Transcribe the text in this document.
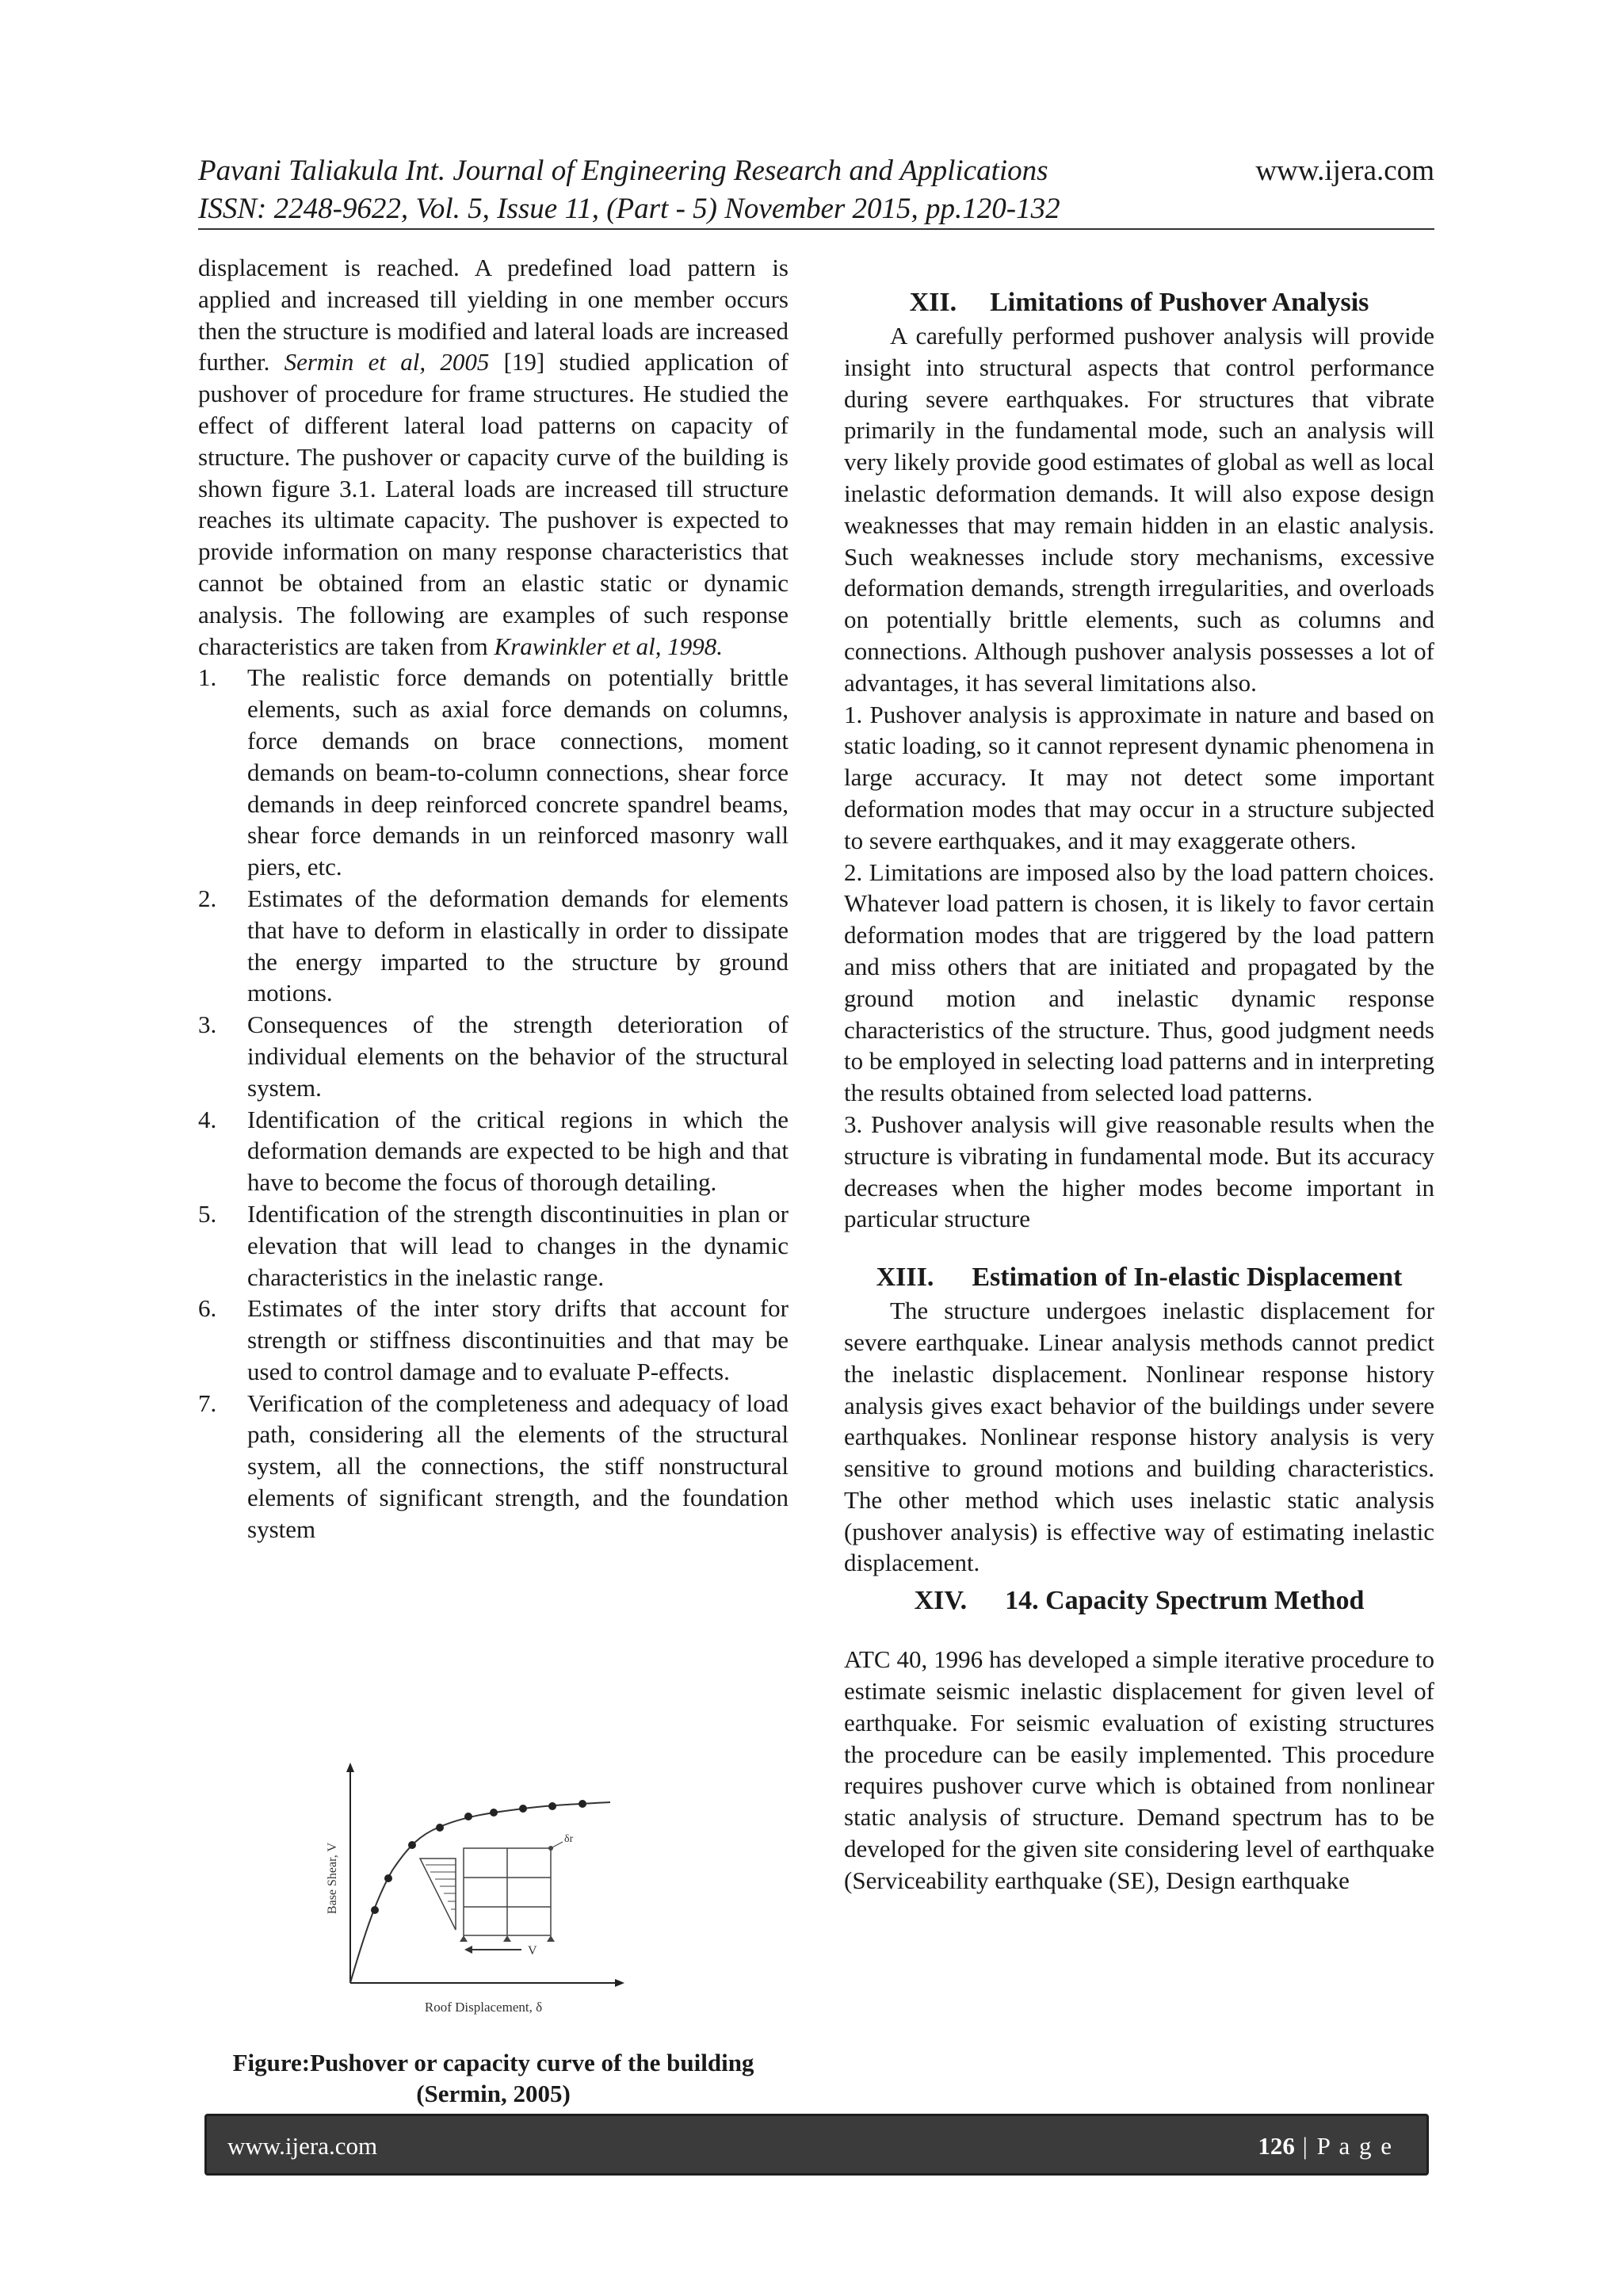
Pavani Taliakula Int. Journal of Engineering Research and Applications	www.ijera.com
ISSN: 2248-9622, Vol. 5, Issue 11, (Part - 5) November 2015, pp.120-132

displacement is reached. A predefined load pattern is applied and increased till yielding in one member occurs then the structure is modified and lateral loads are increased further. Sermin et al, 2005 [19] studied application of pushover of procedure for frame structures. He studied the effect of different lateral load patterns on capacity of structure. The pushover or capacity curve of the building is shown figure 3.1. Lateral loads are increased till structure reaches its ultimate capacity. The pushover is expected to provide information on many response characteristics that cannot be obtained from an elastic static or dynamic analysis. The following are examples of such response characteristics are taken from Krawinkler et al, 1998.

1. The realistic force demands on potentially brittle elements, such as axial force demands on columns, force demands on brace connections, moment demands on beam-to-column connections, shear force demands in deep reinforced concrete spandrel beams, shear force demands in un reinforced masonry wall piers, etc.
2. Estimates of the deformation demands for elements that have to deform in elastically in order to dissipate the energy imparted to the structure by ground motions.
3. Consequences of the strength deterioration of individual elements on the behavior of the structural system.
4. Identification of the critical regions in which the deformation demands are expected to be high and that have to become the focus of thorough detailing.
5. Identification of the strength discontinuities in plan or elevation that will lead to changes in the dynamic characteristics in the inelastic range.
6. Estimates of the inter story drifts that account for strength or stiffness discontinuities and that may be used to control damage and to evaluate P-effects.
7. Verification of the completeness and adequacy of load path, considering all the elements of the structural system, all the connections, the stiff nonstructural elements of significant strength, and the foundation system
Base Shear, V
Roof Displacement, δ
δr
V
Figure:Pushover or capacity curve of the building
(Sermin, 2005)
XII. Limitations of Pushover Analysis

A carefully performed pushover analysis will provide insight into structural aspects that control performance during severe earthquakes. For structures that vibrate primarily in the fundamental mode, such an analysis will very likely provide good estimates of global as well as local inelastic deformation demands. It will also expose design weaknesses that may remain hidden in an elastic analysis. Such weaknesses include story mechanisms, excessive deformation demands, strength irregularities, and overloads on potentially brittle elements, such as columns and connections. Although pushover analysis possesses a lot of advantages, it has several limitations also.

1. Pushover analysis is approximate in nature and based on static loading, so it cannot represent dynamic phenomena in large accuracy. It may not detect some important deformation modes that may occur in a structure subjected to severe earthquakes, and it may exaggerate others.

2. Limitations are imposed also by the load pattern choices. Whatever load pattern is chosen, it is likely to favor certain deformation modes that are triggered by the load pattern and miss others that are initiated and propagated by the ground motion and inelastic dynamic response characteristics of the structure. Thus, good judgment needs to be employed in selecting load patterns and in interpreting the results obtained from selected load patterns.

3. Pushover analysis will give reasonable results when the structure is vibrating in fundamental mode. But its accuracy decreases when the higher modes become important in particular structure

XIII. Estimation of In-elastic Displacement

The structure undergoes inelastic displacement for severe earthquake. Linear analysis methods cannot predict the inelastic displacement. Nonlinear response history analysis gives exact behavior of the buildings under severe earthquakes. Nonlinear response history analysis is very sensitive to ground motions and building characteristics. The other method which uses inelastic static analysis (pushover analysis) is effective way of estimating inelastic displacement.

XIV. 14. Capacity Spectrum Method

ATC 40, 1996 has developed a simple iterative procedure to estimate seismic inelastic displacement for given level of earthquake. For seismic evaluation of existing structures the procedure can be easily implemented. This procedure requires pushover curve which is obtained from nonlinear static analysis of structure. Demand spectrum has to be developed for the given site considering level of earthquake (Serviceability earthquake (SE), Design earthquake

www.ijera.com	126 | P a g e
